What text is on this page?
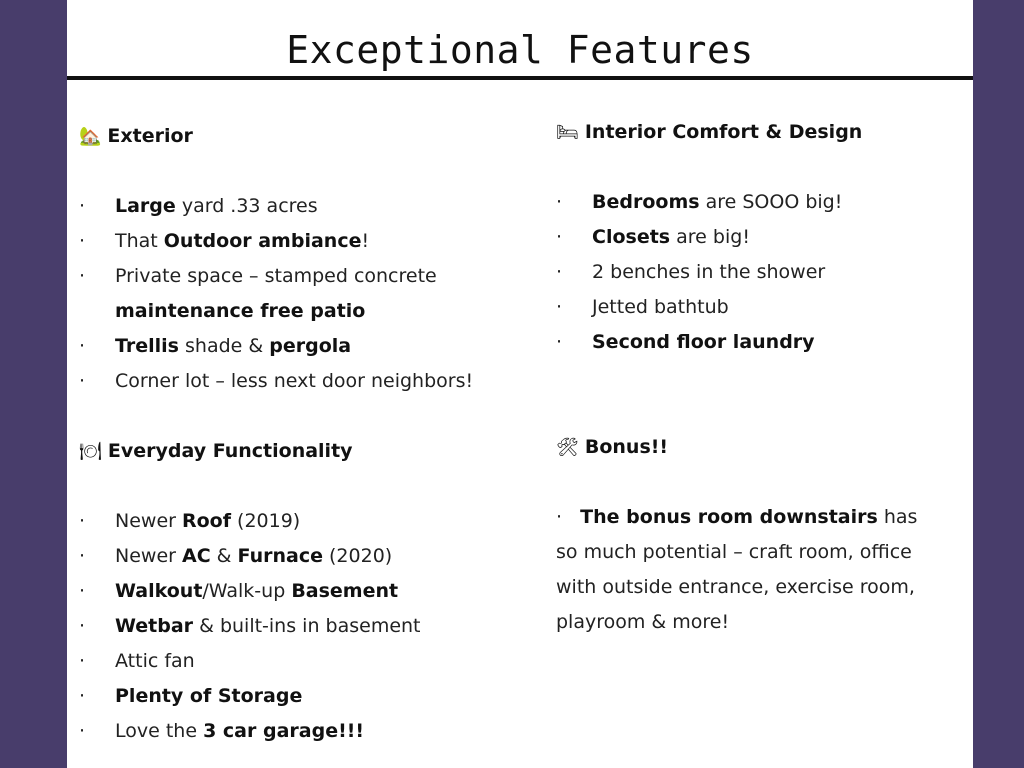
Exceptional Features
🏡 Exterior
· Large yard .33 acres
· That Outdoor ambiance!
· Private space – stamped concrete
maintenance free patio
· Trellis shade & pergola
· Corner lot – less next door neighbors!
🍽 Everyday Functionality
· Newer Roof (2019)
· Newer AC & Furnace (2020)
· Walkout/Walk-up Basement
· Wetbar & built-ins in basement
· Attic fan
· Plenty of Storage
· Love the 3 car garage!!!
🛏 Interior Comfort & Design
· Bedrooms are SOOO big!
· Closets are big!
· 2 benches in the shower
· Jetted bathtub
· Second floor laundry
🛠 Bonus!!
· The bonus room downstairs has so much potential – craft room, office with outside entrance, exercise room, playroom & more!
